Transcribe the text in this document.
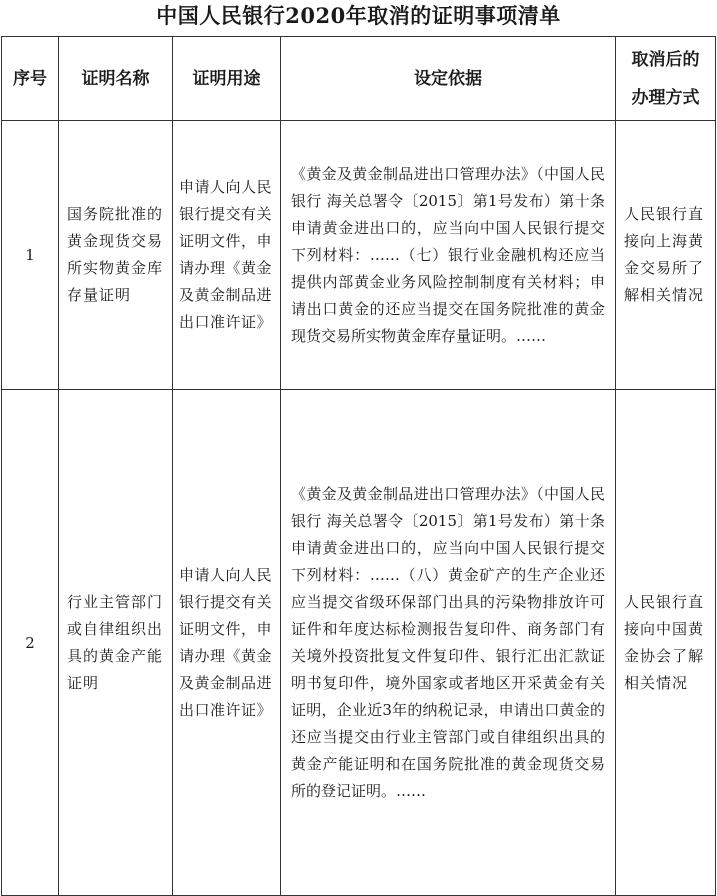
中国人民银行2020年取消的证明事项清单
序号	证明名称	证明用途	设定依据	取消后的办理方式

1	国务院批准的黄金现货交易所实物黄金库存量证明	申请人向人民银行提交有关证明文件，申请办理《黄金及黄金制品进出口准许证》	《黄金及黄金制品进出口管理办法》（中国人民银行 海关总署令〔2015〕第1号发布）第十条 申请黄金进出口的，应当向中国人民银行提交下列材料：……（七）银行业金融机构还应当提供内部黄金业务风险控制制度有关材料；申请出口黄金的还应当提交在国务院批准的黄金现货交易所实物黄金库存量证明。……	人民银行直接向上海黄金交易所了解相关情况

2	行业主管部门或自律组织出具的黄金产能证明	申请人向人民银行提交有关证明文件，申请办理《黄金及黄金制品进出口准许证》	《黄金及黄金制品进出口管理办法》（中国人民银行 海关总署令〔2015〕第1号发布）第十条 申请黄金进出口的，应当向中国人民银行提交下列材料：……（八）黄金矿产的生产企业还应当提交省级环保部门出具的污染物排放许可证件和年度达标检测报告复印件、商务部门有关境外投资批复文件复印件、银行汇出汇款证明书复印件，境外国家或者地区开采黄金有关证明，企业近3年的纳税记录，申请出口黄金的还应当提交由行业主管部门或自律组织出具的黄金产能证明和在国务院批准的黄金现货交易所的登记证明。……	人民银行直接向中国黄金协会了解相关情况
